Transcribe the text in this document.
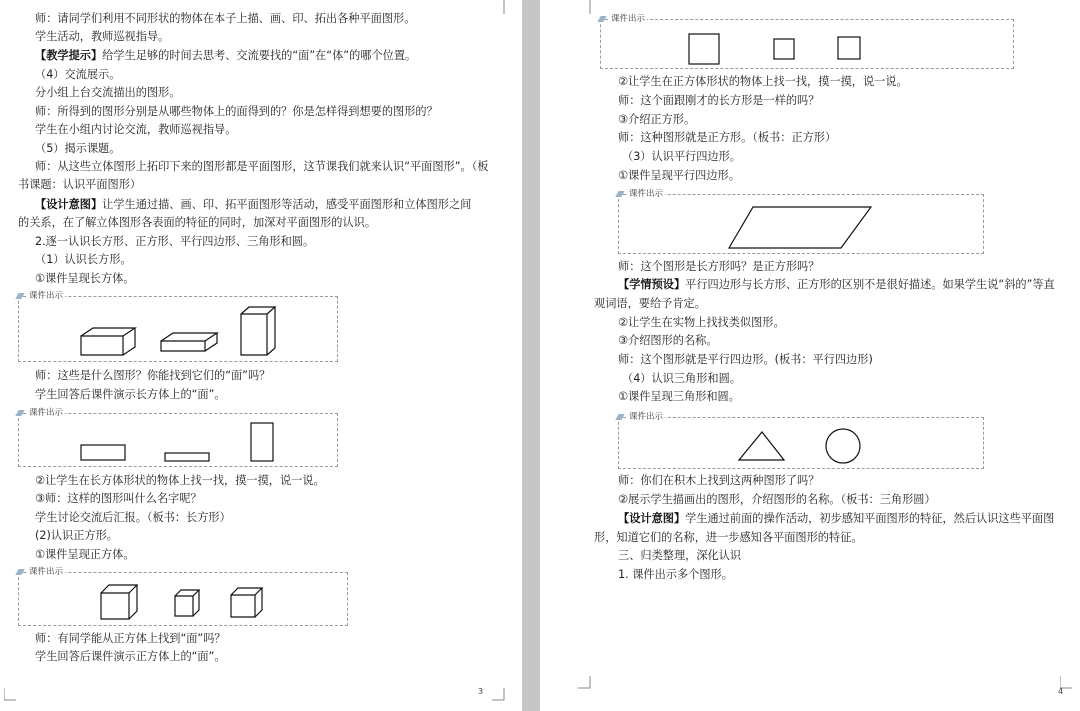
3
师：请同学们利用不同形状的物体在本子上描、画、印、拓出各种平面图形。
学生活动，教师巡视指导。
【教学提示】给学生足够的时间去思考、交流要找的“面”在“体”的哪个位置。
（4）交流展示。
分小组上台交流描出的图形。
师：所得到的图形分别是从哪些物体上的面得到的？你是怎样得到想要的图形的？
学生在小组内讨论交流，教师巡视指导。
（5）揭示课题。
师：从这些立体图形上拓印下来的图形都是平面图形，这节课我们就来认识“平面图形”。（板
书课题：认识平面图形）
【设计意图】让学生通过描、画、印、拓平面图形等活动，感受平面图形和立体图形之间
的关系，在了解立体图形各表面的特征的同时，加深对平面图形的认识。
2.逐一认识长方形、正方形、平行四边形、三角形和圆。
（1）认识长方形。
①课件呈现长方体。
师：这些是什么图形？你能找到它们的“面”吗？
学生回答后课件演示长方体上的“面”。
②让学生在长方体形状的物体上找一找，摸一摸，说一说。
③师：这样的图形叫什么名字呢？
学生讨论交流后汇报。（板书：长方形）
(2)认识正方形。
①课件呈现正方体。
师：有同学能从正方体上找到“面”吗？
学生回答后课件演示正方体上的“面”。
课件出示
课件出示
课件出示
4
②让学生在正方体形状的物体上找一找，摸一摸，说一说。
师：这个面跟刚才的长方形是一样的吗？
③介绍正方形。
师：这种图形就是正方形。（板书：正方形）
（3）认识平行四边形。
①课件呈现平行四边形。
师：这个图形是长方形吗？是正方形吗？
【学情预设】平行四边形与长方形、正方形的区别不是很好描述。如果学生说“斜的”等直
观词语，要给予肯定。
②让学生在实物上找找类似图形。
③介绍图形的名称。
师：这个图形就是平行四边形。(板书：平行四边形)
（4）认识三角形和圆。
①课件呈现三角形和圆。
师：你们在积木上找到这两种图形了吗？
②展示学生描画出的图形，介绍图形的名称。（板书：三角形圆）
【设计意图】学生通过前面的操作活动，初步感知平面图形的特征，然后认识这些平面图
形，知道它们的名称，进一步感知各平面图形的特征。
三、归类整理，深化认识
1. 课件出示多个图形。
课件出示
课件出示
课件出示
